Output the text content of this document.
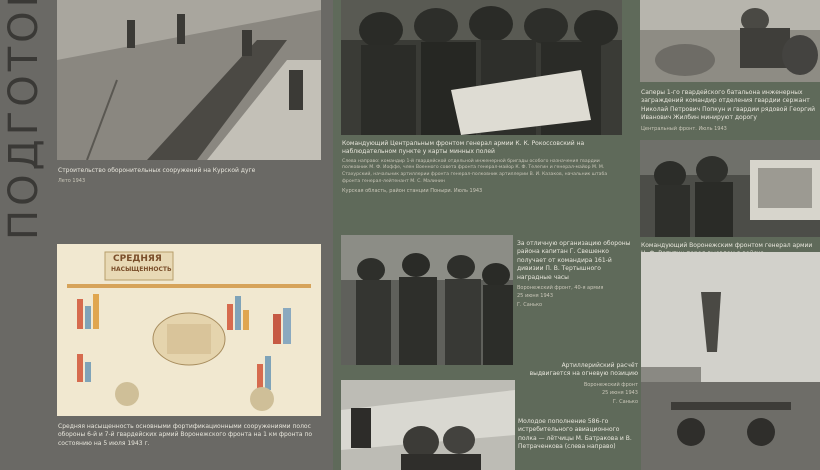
Строительство оборонительных сооружений на Курской дуге
Лето 1943
СРЕДНЯЯ
НАСЫЩЕННОСТЬ
Средняя насыщенность основными фортификационными сооружениями полос обороны 6-й и 7-й гвардейских армий Воронежского фронта на 1 км фронта по состоянию на 5 июля 1943 г.
Командующий Центральным фронтом генерал армии К. К. Рокоссовский на наблюдательном пункте у карты минных полей
Слева направо: командир 1-й гвардейской отдельной инженерной бригады особого назначения гвардии полковник М. Ф. Иоффе, член Военного совета фронта генерал-майор К. Ф. Телегин и генерал-майор М. М. Стахурский, начальник артиллерии фронта генерал-полковник артиллерии В. И. Казаков, начальник штаба фронта генерал-лейтенант М. С. Малинин
Курская область, район станции Поныри. Июль 1943
Саперы 1-го гвардейского батальона инженерных заграждений командир отделения гвардии сержант Николай Петрович Попкун и гвардии рядовой Георгий Иванович Жилбин минируют дорогу
Центральный фронт. Июль 1943
Командующий Воронежским фронтом генерал армии
За отличную организацию обороны района капитан Г. Свешенко получает от командира 161-й дивизии П. В. Тертышного наградные часы
Воронежский фронт, 40-я армия
25 июня 1943
Г. Санько
Артиллерийский расчёт выдвигается на огневую позицию
Воронежский фронт
25 июня 1943
Г. Санько
Молодое пополнение 586-го истребительного авиационного полка — лётчицы М. Батракова и В. Петраченкова (слева направо)
